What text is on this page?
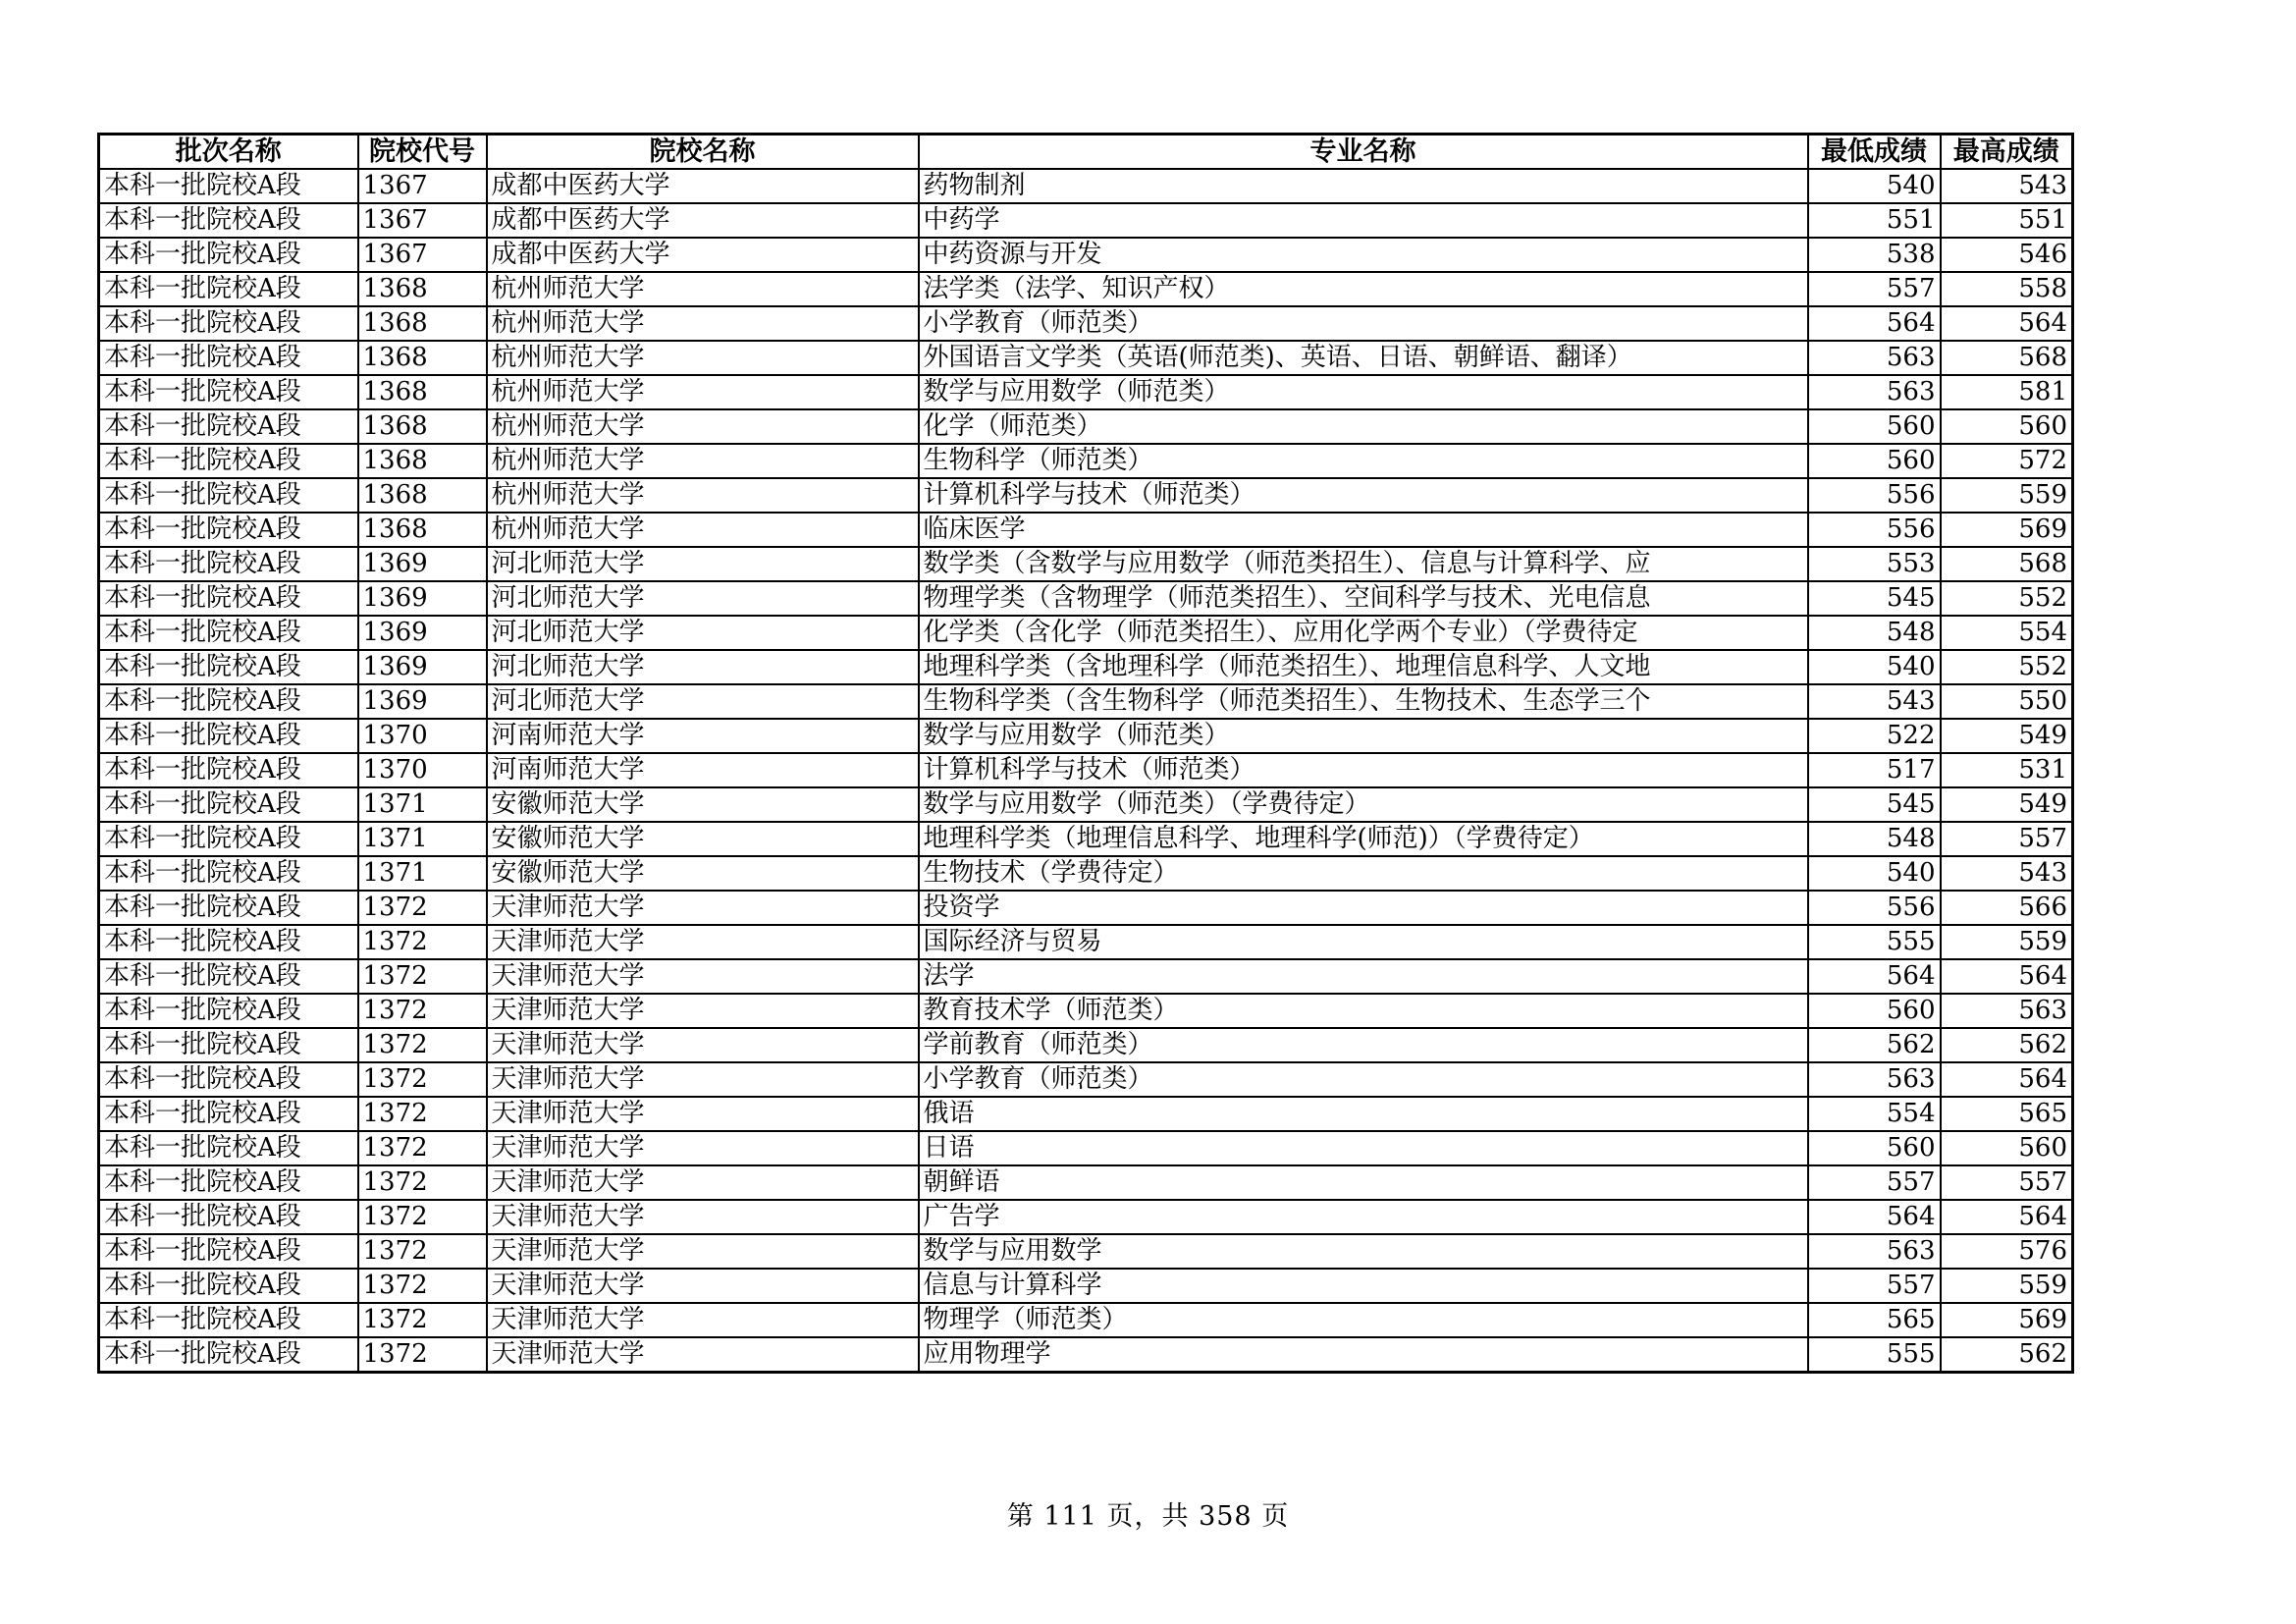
批次名称	院校代号	院校名称	专业名称	最低成绩	最高成绩
本科一批院校A段	1367	成都中医药大学	药物制剂	540	543
本科一批院校A段	1367	成都中医药大学	中药学	551	551
本科一批院校A段	1367	成都中医药大学	中药资源与开发	538	546
本科一批院校A段	1368	杭州师范大学	法学类（法学、知识产权）	557	558
本科一批院校A段	1368	杭州师范大学	小学教育（师范类）	564	564
本科一批院校A段	1368	杭州师范大学	外国语言文学类（英语(师范类)、英语、日语、朝鲜语、翻译）	563	568
本科一批院校A段	1368	杭州师范大学	数学与应用数学（师范类）	563	581
本科一批院校A段	1368	杭州师范大学	化学（师范类）	560	560
本科一批院校A段	1368	杭州师范大学	生物科学（师范类）	560	572
本科一批院校A段	1368	杭州师范大学	计算机科学与技术（师范类）	556	559
本科一批院校A段	1368	杭州师范大学	临床医学	556	569
本科一批院校A段	1369	河北师范大学	数学类（含数学与应用数学（师范类招生）、信息与计算科学、应	553	568
本科一批院校A段	1369	河北师范大学	物理学类（含物理学（师范类招生）、空间科学与技术、光电信息	545	552
本科一批院校A段	1369	河北师范大学	化学类（含化学（师范类招生）、应用化学两个专业）（学费待定	548	554
本科一批院校A段	1369	河北师范大学	地理科学类（含地理科学（师范类招生）、地理信息科学、人文地	540	552
本科一批院校A段	1369	河北师范大学	生物科学类（含生物科学（师范类招生）、生物技术、生态学三个	543	550
本科一批院校A段	1370	河南师范大学	数学与应用数学（师范类）	522	549
本科一批院校A段	1370	河南师范大学	计算机科学与技术（师范类）	517	531
本科一批院校A段	1371	安徽师范大学	数学与应用数学（师范类）（学费待定）	545	549
本科一批院校A段	1371	安徽师范大学	地理科学类（地理信息科学、地理科学(师范)）（学费待定）	548	557
本科一批院校A段	1371	安徽师范大学	生物技术（学费待定）	540	543
本科一批院校A段	1372	天津师范大学	投资学	556	566
本科一批院校A段	1372	天津师范大学	国际经济与贸易	555	559
本科一批院校A段	1372	天津师范大学	法学	564	564
本科一批院校A段	1372	天津师范大学	教育技术学（师范类）	560	563
本科一批院校A段	1372	天津师范大学	学前教育（师范类）	562	562
本科一批院校A段	1372	天津师范大学	小学教育（师范类）	563	564
本科一批院校A段	1372	天津师范大学	俄语	554	565
本科一批院校A段	1372	天津师范大学	日语	560	560
本科一批院校A段	1372	天津师范大学	朝鲜语	557	557
本科一批院校A段	1372	天津师范大学	广告学	564	564
本科一批院校A段	1372	天津师范大学	数学与应用数学	563	576
本科一批院校A段	1372	天津师范大学	信息与计算科学	557	559
本科一批院校A段	1372	天津师范大学	物理学（师范类）	565	569
本科一批院校A段	1372	天津师范大学	应用物理学	555	562
第 111 页，共 358 页
